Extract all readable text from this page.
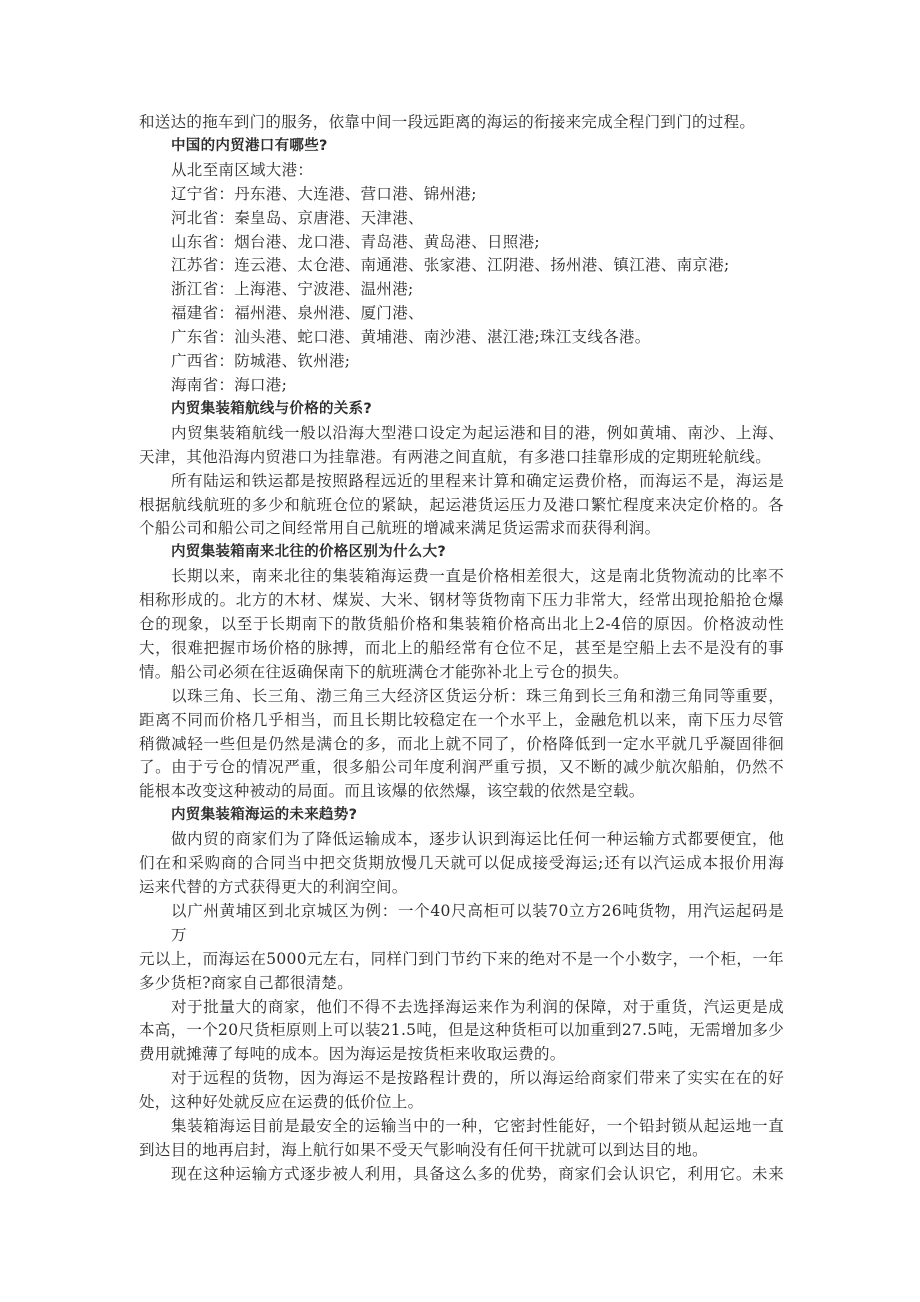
和送达的拖车到门的服务，依靠中间一段远距离的海运的衔接来完成全程门到门的过程。
中国的内贸港口有哪些?
从北至南区域大港：
辽宁省：丹东港、大连港、营口港、锦州港;
河北省：秦皇岛、京唐港、天津港、
山东省：烟台港、龙口港、青岛港、黄岛港、日照港;
江苏省：连云港、太仓港、南通港、张家港、江阴港、扬州港、镇江港、南京港;
浙江省：上海港、宁波港、温州港;
福建省：福州港、泉州港、厦门港、
广东省：汕头港、蛇口港、黄埔港、南沙港、湛江港;珠江支线各港。
广西省：防城港、钦州港;
海南省：海口港;
内贸集装箱航线与价格的关系?
内贸集装箱航线一般以沿海大型港口设定为起运港和目的港，例如黄埔、南沙、上海、
天津，其他沿海内贸港口为挂靠港。有两港之间直航，有多港口挂靠形成的定期班轮航线。
所有陆运和铁运都是按照路程远近的里程来计算和确定运费价格，而海运不是，海运是
根据航线航班的多少和航班仓位的紧缺，起运港货运压力及港口繁忙程度来决定价格的。各
个船公司和船公司之间经常用自己航班的增减来满足货运需求而获得利润。
内贸集装箱南来北往的价格区别为什么大?
长期以来，南来北往的集装箱海运费一直是价格相差很大，这是南北货物流动的比率不
相称形成的。北方的木材、煤炭、大米、钢材等货物南下压力非常大，经常出现抢船抢仓爆
仓的现象，以至于长期南下的散货船价格和集装箱价格高出北上2-4倍的原因。价格波动性
大，很难把握市场价格的脉搏，而北上的船经常有仓位不足，甚至是空船上去不是没有的事
情。船公司必须在往返确保南下的航班满仓才能弥补北上亏仓的损失。
以珠三角、长三角、渤三角三大经济区货运分析：珠三角到长三角和渤三角同等重要，
距离不同而价格几乎相当，而且长期比较稳定在一个水平上，金融危机以来，南下压力尽管
稍微减轻一些但是仍然是满仓的多，而北上就不同了，价格降低到一定水平就几乎凝固徘徊
了。由于亏仓的情况严重，很多船公司年度利润严重亏损，又不断的减少航次船舶，仍然不
能根本改变这种被动的局面。而且该爆的依然爆，该空载的依然是空载。
内贸集装箱海运的未来趋势?
做内贸的商家们为了降低运输成本，逐步认识到海运比任何一种运输方式都要便宜，他
们在和采购商的合同当中把交货期放慢几天就可以促成接受海运;还有以汽运成本报价用海
运来代替的方式获得更大的利润空间。
以广州黄埔区到北京城区为例：一个40尺高柜可以装70立方26吨货物，用汽运起码是万
元以上，而海运在5000元左右，同样门到门节约下来的绝对不是一个小数字，一个柜，一年
多少货柜?商家自己都很清楚。
对于批量大的商家，他们不得不去选择海运来作为利润的保障，对于重货，汽运更是成
本高，一个20尺货柜原则上可以装21.5吨，但是这种货柜可以加重到27.5吨，无需增加多少
费用就摊薄了每吨的成本。因为海运是按货柜来收取运费的。
对于远程的货物，因为海运不是按路程计费的，所以海运给商家们带来了实实在在的好
处，这种好处就反应在运费的低价位上。
集装箱海运目前是最安全的运输当中的一种，它密封性能好，一个铅封锁从起运地一直
到达目的地再启封，海上航行如果不受天气影响没有任何干扰就可以到达目的地。
现在这种运输方式逐步被人利用，具备这么多的优势，商家们会认识它，利用它。未来
